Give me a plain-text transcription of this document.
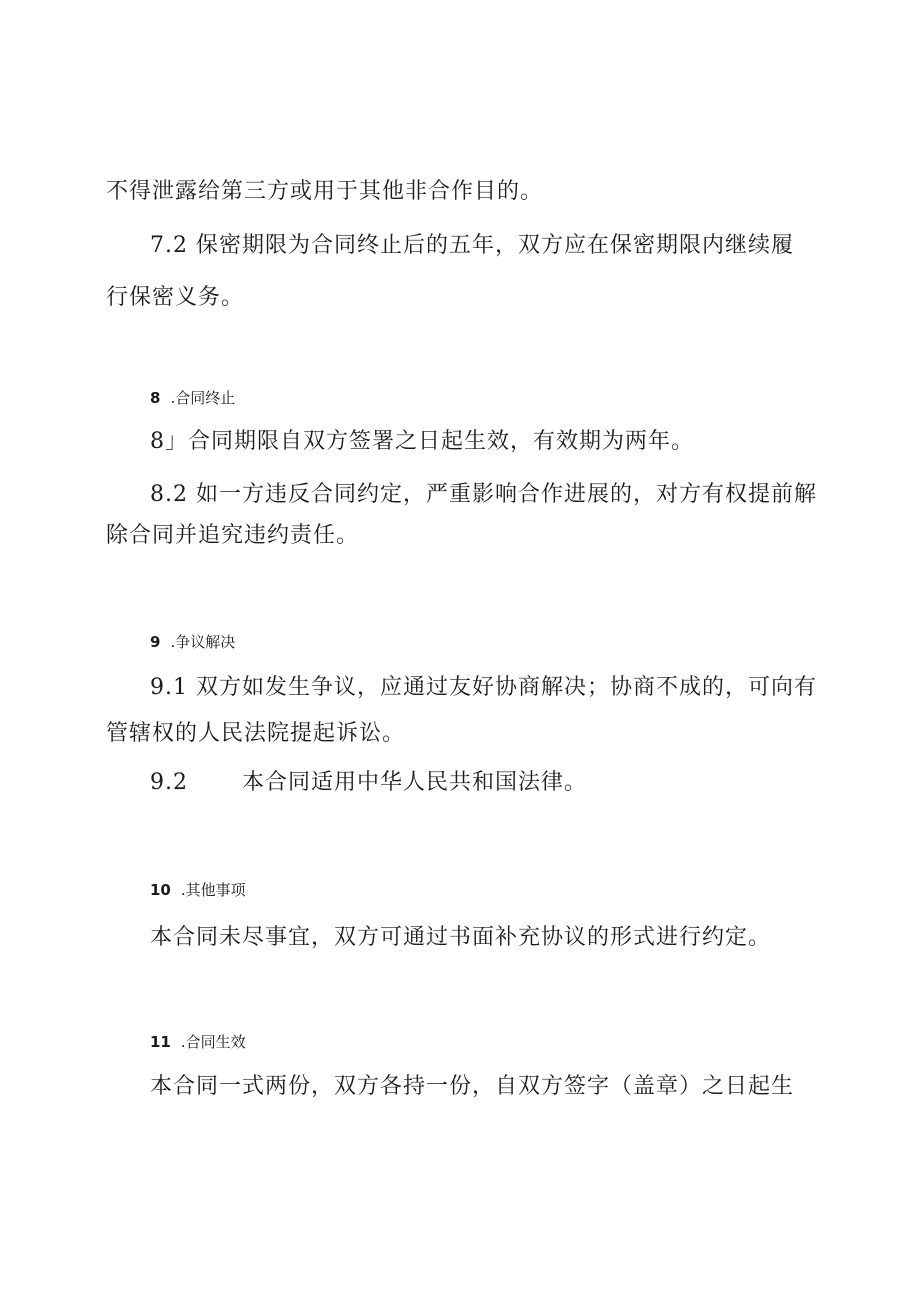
不得泄露给第三方或用于其他非合作目的。
7.2 保密期限为合同终止后的五年，双方应在保密期限内继续履
行保密义务。
8 .合同终止
8」合同期限自双方签署之日起生效，有效期为两年。
8.2 如一方违反合同约定，严重影响合作进展的，对方有权提前解
除合同并追究违约责任。
9 .争议解决
9.1 双方如发生争议，应通过友好协商解决；协商不成的，可向有
管辖权的人民法院提起诉讼。
9.2 本合同适用中华人民共和国法律。
10 .其他事项
本合同未尽事宜，双方可通过书面补充协议的形式进行约定。
11 .合同生效
本合同一式两份，双方各持一份，自双方签字（盖章）之日起生
